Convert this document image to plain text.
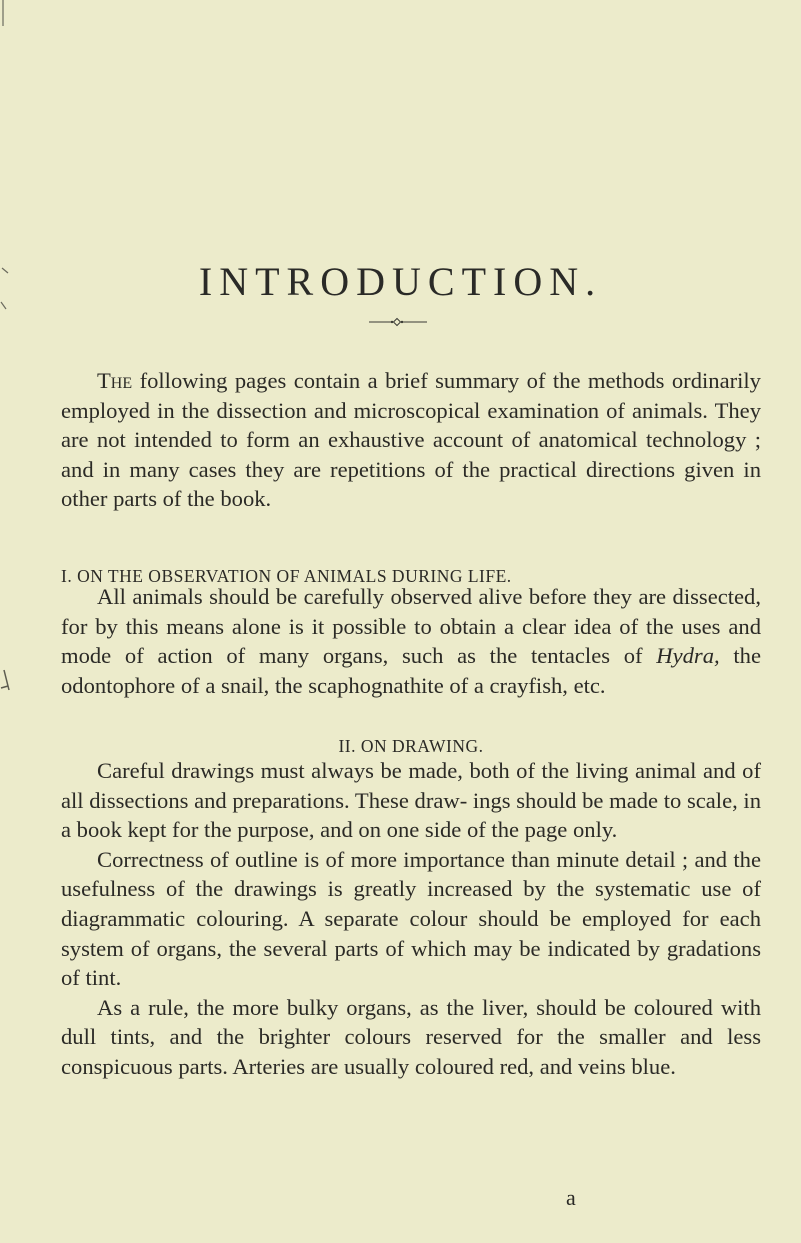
INTRODUCTION.

The following pages contain a brief summary of the methods ordinarily employed in the dissection and microscopical examination of animals. They are not intended to form an exhaustive account of anatomical technology ; and in many cases they are repetitions of the practical directions given in other parts of the book.

I. ON THE OBSERVATION OF ANIMALS DURING LIFE.

All animals should be carefully observed alive before they are dissected, for by this means alone is it possible to obtain a clear idea of the uses and mode of action of many organs, such as the tentacles of Hydra, the odontophore of a snail, the scaphognathite of a crayfish, etc.

II. ON DRAWING.

Careful drawings must always be made, both of the living animal and of all dissections and preparations. These draw- ings should be made to scale, in a book kept for the purpose, and on one side of the page only.

Correctness of outline is of more importance than minute detail ; and the usefulness of the drawings is greatly increased by the systematic use of diagrammatic colouring. A separate colour should be employed for each system of organs, the several parts of which may be indicated by gradations of tint.

As a rule, the more bulky organs, as the liver, should be coloured with dull tints, and the brighter colours reserved for the smaller and less conspicuous parts. Arteries are usually coloured red, and veins blue.

a
